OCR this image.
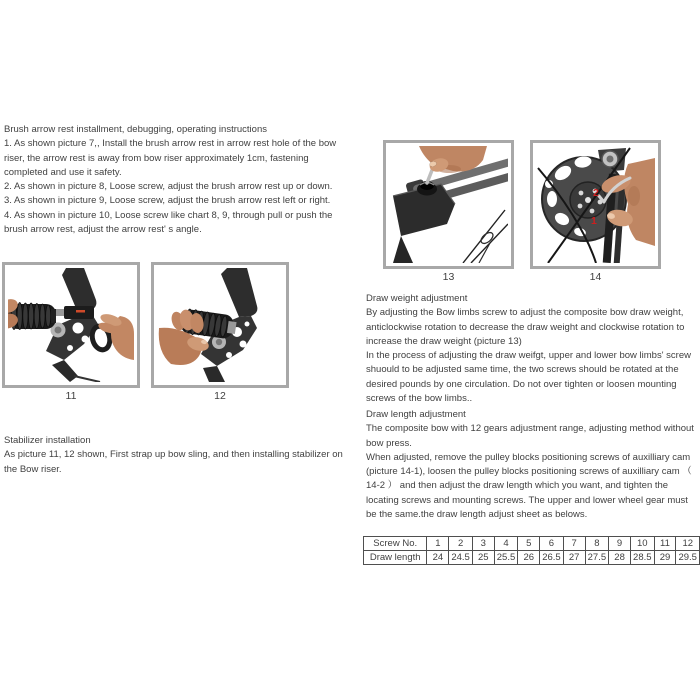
Brush arrow rest installment, debugging, operating instructions

1. As shown picture 7,, Install the brush arrow rest in arrow rest hole of the bow riser, the arrow rest is away from bow riser approximately 1cm, fastening completed and use it safety.

2. As shown in picture 8, Loose screw, adjust the brush arrow rest up or down.

3. As shown in picture 9, Loose screw, adjust the brush arrow rest left or right.

4. As shown in picture 10, Loose screw like chart 8, 9, through pull or push the brush arrow rest, adjust the arrow rest' s angle.

11	12

Stabilizer installation

As picture 11, 12 shown, First strap up bow sling, and then installing stabilizer on the Bow riser.

13
2
1
14

Draw weight adjustment

By adjusting the Bow limbs screw to adjust the composite bow draw weight, anticlockwise rotation to decrease the draw weight and clockwise rotation to increase the draw weight (picture 13)

In the process of adjusting the draw weifgt, upper and lower bow limbs' screw shuould to be adjusted same time, the two screws should be rotated at the desired pounds by one circulation. Do not over tighten or loosen mounting screws of the bow limbs..

Draw length adjustment

The composite bow with 12 gears adjustment range, adjusting method without bow press.

When adjusted, remove the pulley blocks positioning screws of auxilliary cam (picture 14-1), loosen the pulley blocks positioning screws of auxilliary cam （ 14-2 ） and then adjust the draw length which you want, and tighten the locating screws and mounting screws. The upper and lower wheel gear must be the same.the draw length adjust sheet as belows.

Screw No.	1	2	3	4	5	6	7	8	9	10	11	12
Draw length	24	24.5	25	25.5	26	26.5	27	27.5	28	28.5	29	29.5
